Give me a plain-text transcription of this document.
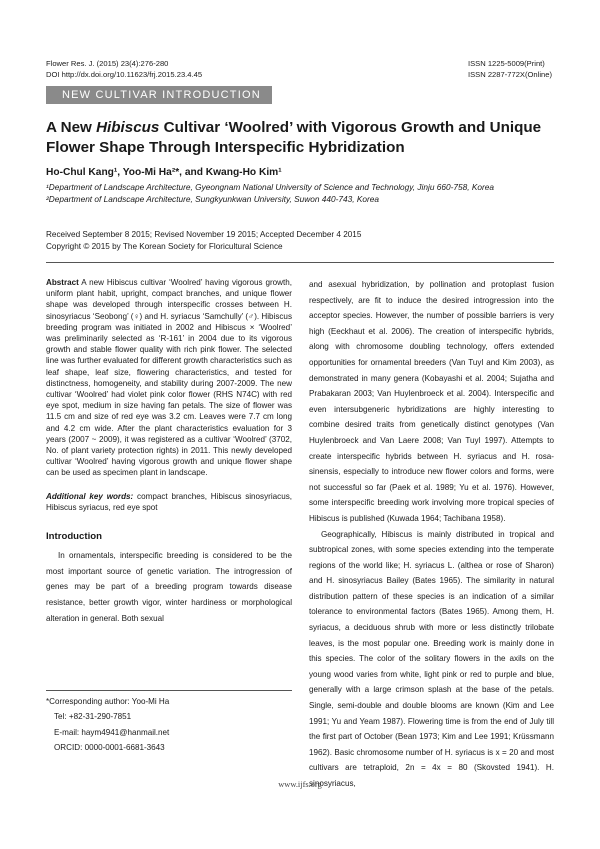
Flower Res. J. (2015) 23(4):276-280
DOI http://dx.doi.org/10.11623/frj.2015.23.4.45
ISSN 1225-5009(Print)
ISSN 2287-772X(Online)
NEW CULTIVAR INTRODUCTION
A New Hibiscus Cultivar ‘Woolred’ with Vigorous Growth and Unique Flower Shape Through Interspecific Hybridization
Ho-Chul Kang¹, Yoo-Mi Ha²*, and Kwang-Ho Kim¹
¹Department of Landscape Architecture, Gyeongnam National University of Science and Technology, Jinju 660-758, Korea
²Department of Landscape Architecture, Sungkyunkwan University, Suwon 440-743, Korea
Received September 8 2015; Revised November 19 2015; Accepted December 4 2015
Copyright © 2015 by The Korean Society for Floricultural Science

Abstract A new Hibiscus cultivar ‘Woolred’ having vigorous growth, uniform plant habit, upright, compact branches, and unique flower shape was developed through interspecific crosses between H. sinosyriacus ‘Seobong’ (♀) and H. syriacus ‘Samchully’ (♂). Hibiscus breeding program was initiated in 2002 and Hibiscus × ‘Woolred’ was preliminarily selected as ‘R-161’ in 2004 due to its vigorous growth and stable flower quality with rich pink flower. The selected line was further evaluated for different growth characteristics such as leaf shape, leaf size, flowering characteristics, and tested for distinctness, homogeneity, and stability during 2007-2009. The new cultivar ‘Woolred’ had violet pink color flower (RHS N74C) with red eye spot, medium in size having fan petals. The size of flower was 11.5 cm and size of red eye was 3.2 cm. Leaves were 7.7 cm long and 4.2 cm wide. After the plant characteristics evaluation for 3 years (2007 ~ 2009), it was registered as a cultivar ‘Woolred’ (3702, No. of plant variety protection rights) in 2011. This newly developed cultivar ‘Woolred’ having vigorous growth and unique flower shape can be used as specimen plant in landscape.

Additional key words: compact branches, Hibiscus sinosyriacus, Hibiscus syriacus, red eye spot

Introduction

In ornamentals, interspecific breeding is considered to be the most important source of genetic variation. The introgression of genes may be part of a breeding program towards disease resistance, better growth vigor, winter hardiness or morphological alteration in general. Both sexual

*Corresponding author: Yoo-Mi Ha
Tel: +82-31-290-7851
E-mail: haym4941@hanmail.net
ORCID: 0000-0001-6681-3643

and asexual hybridization, by pollination and protoplast fusion respectively, are fit to induce the desired introgression into the acceptor species. However, the number of possible barriers is very high (Eeckhaut et al. 2006). The creation of interspecific hybrids, along with chromosome doubling technology, offers extended opportunities for ornamental breeders (Van Tuyl and Kim 2003), as demonstrated in many genera (Kobayashi et al. 2004; Sujatha and Prabakaran 2003; Van Huylenbroeck et al. 2004). Interspecific and even intersubgeneric hybridizations are highly interesting to combine desired traits from genetically distinct genotypes (Van Huylenbroeck and Van Laere 2008; Van Tuyl 1997). Attempts to create interspecific hybrids between H. syriacus and H. rosa-sinensis, especially to introduce new flower colors and forms, were not successful so far (Paek et al. 1989; Yu et al. 1976). However, some interspecific breeding work involving more tropical species of Hibiscus is published (Kuwada 1964; Tachibana 1958).

Geographically, Hibiscus is mainly distributed in tropical and subtropical zones, with some species extending into the temperate regions of the world like; H. syriacus L. (althea or rose of Sharon) and H. sinosyriacus Bailey (Bates 1965). The similarity in natural distribution pattern of these species is an indication of a similar tolerance to environmental factors (Bates 1965). Among them, H. syriacus, a deciduous shrub with more or less distinctly trilobate leaves, is the most popular one. Breeding work is mainly done in this species. The color of the solitary flowers in the axils on the young wood varies from white, light pink or red to purple and blue, generally with a large crimson splash at the base of the petals. Single, semi-double and double blooms are known (Kim and Lee 1991; Yu and Yeam 1987). Flowering time is from the end of July till the first part of October (Bean 1973; Kim and Lee 1991; Krüssmann 1962). Basic chromosome number of H. syriacus is x = 20 and most cultivars are tetraploid, 2n = 4x = 80 (Skovsted 1941). H. sinosyriacus,

www.ijfs.org
